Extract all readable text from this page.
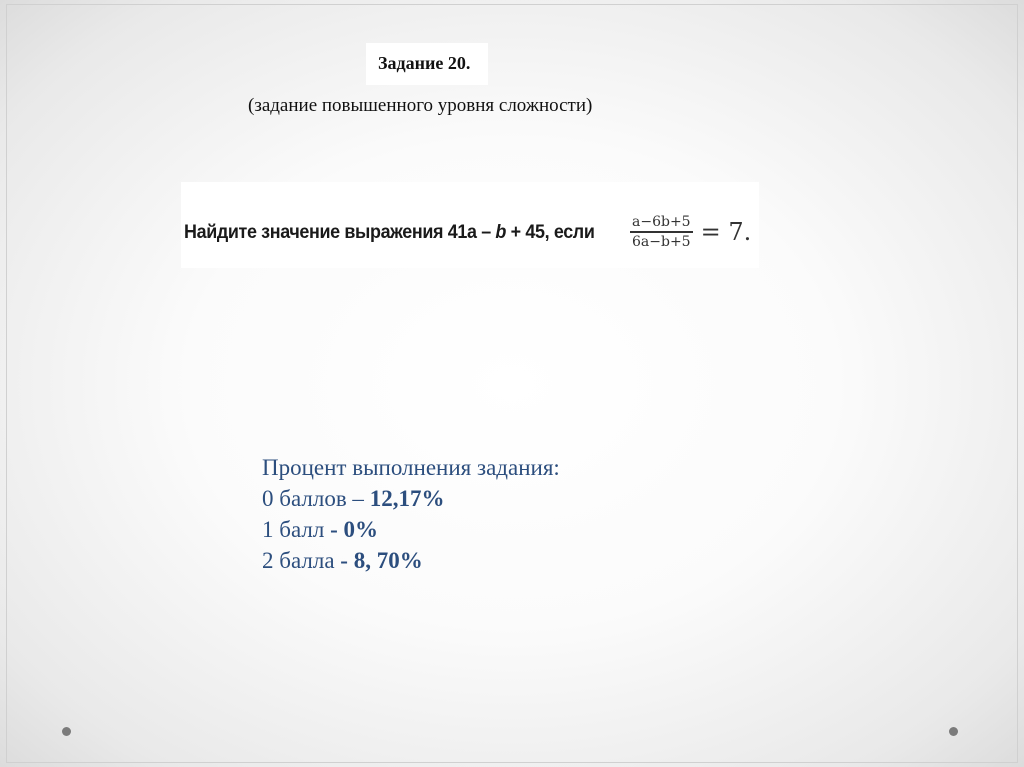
Задание 20.
(задание повышенного уровня сложности)
Найдите значение выражения 41a – b + 45, если	$\frac{a-6b+5}{6a-b+5} = 7$.
Процент выполнения задания:
0 баллов – 12,17%
1 балл - 0%
2 балла - 8, 70%
